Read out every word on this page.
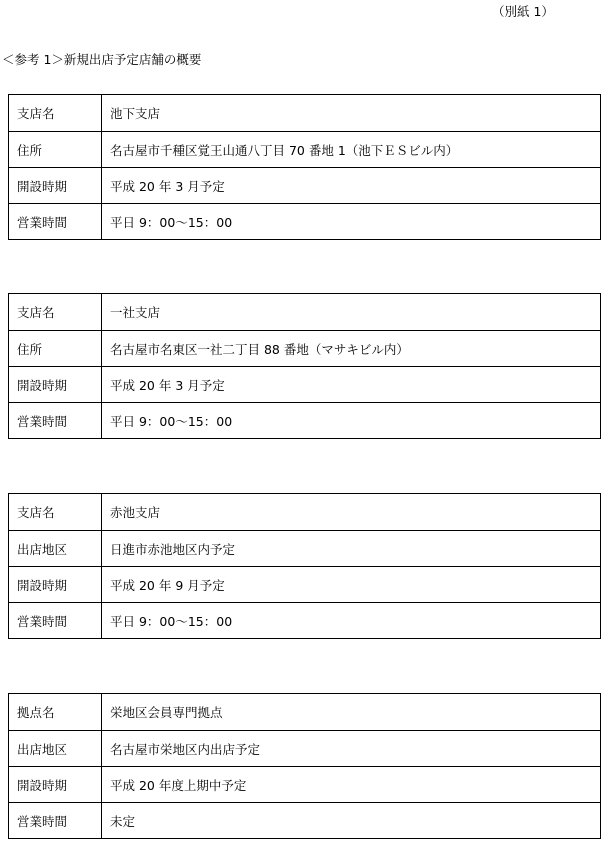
（別紙 1）
＜参考 1＞新規出店予定店舗の概要
支店名	池下支店
住所	名古屋市千種区覚王山通八丁目 70 番地 1（池下ＥＳビル内）
開設時期	平成 20 年 3 月予定
営業時間	平日 9：00～15：00
支店名	一社支店
住所	名古屋市名東区一社二丁目 88 番地（マサキビル内）
開設時期	平成 20 年 3 月予定
営業時間	平日 9：00～15：00
支店名	赤池支店
出店地区	日進市赤池地区内予定
開設時期	平成 20 年 9 月予定
営業時間	平日 9：00～15：00
拠点名	栄地区会員専門拠点
出店地区	名古屋市栄地区内出店予定
開設時期	平成 20 年度上期中予定
営業時間	未定
